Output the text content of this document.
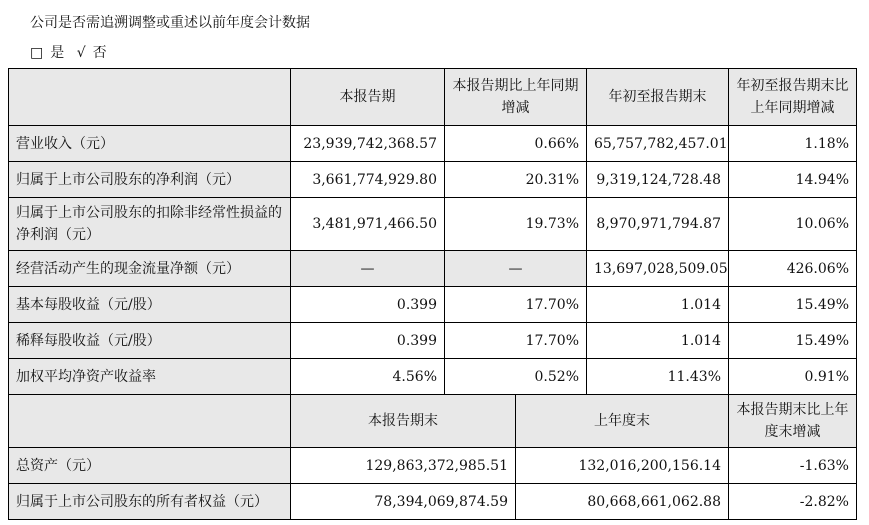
公司是否需追溯调整或重述以前年度会计数据
□ 是 √ 否
	本报告期	本报告期比上年同期增减		年初至报告期末	年初至报告期末比上年同期增减
营业收入（元）	23,939,742,368.57	0.66%		65,757,782,457.01	1.18%
归属于上市公司股东的净利润（元）	3,661,774,929.80	20.31%		9,319,124,728.48	14.94%
归属于上市公司股东的扣除非经常性损益的净利润（元）	3,481,971,466.50	19.73%		8,970,971,794.87	10.06%
经营活动产生的现金流量净额（元）	—	—		13,697,028,509.05	426.06%
基本每股收益（元/股）	0.399	17.70%		1.014	15.49%
稀释每股收益（元/股）	0.399	17.70%		1.014	15.49%
加权平均净资产收益率	4.56%	0.52%		11.43%	0.91%
	本报告期末		上年度末		本报告期末比上年度末增减
总资产（元）	129,863,372,985.51		132,016,200,156.14		-1.63%
归属于上市公司股东的所有者权益（元）	78,394,069,874.59		80,668,661,062.88		-2.82%
